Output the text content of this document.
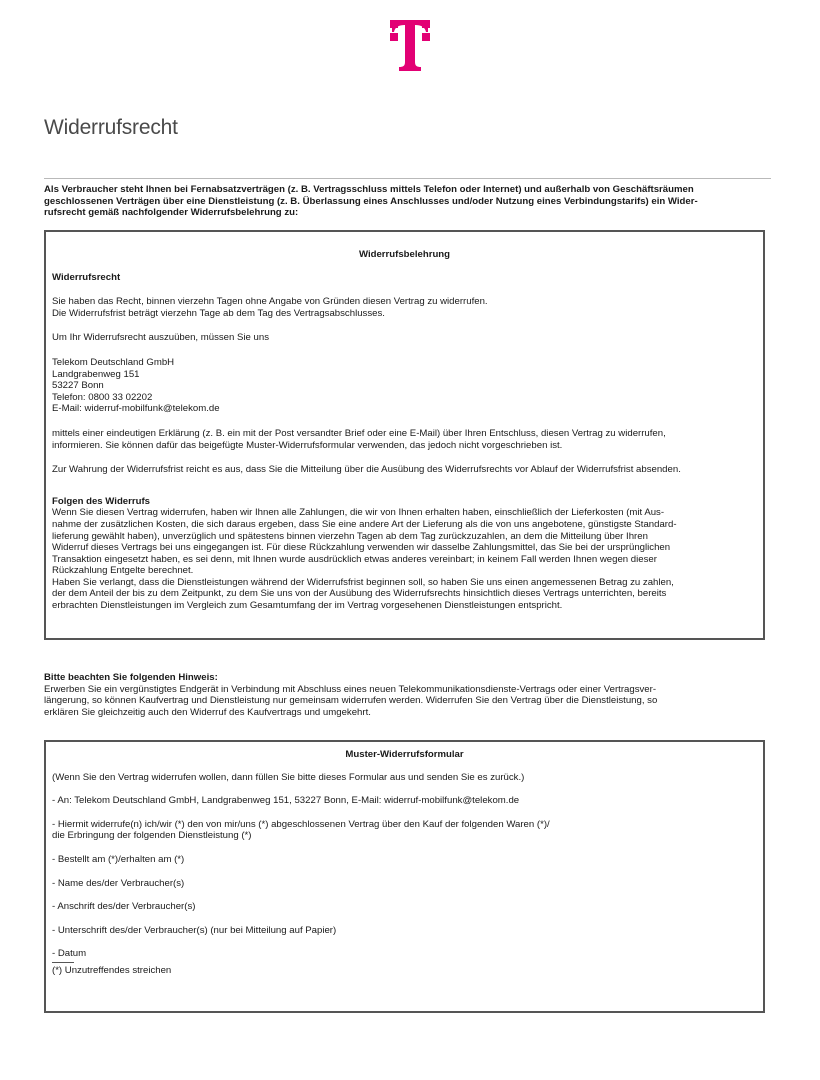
Widerrufsrecht
Als Verbraucher steht Ihnen bei Fernabsatzverträgen (z. B. Vertragsschluss mittels Telefon oder Internet) und außerhalb von Geschäftsräumen
geschlossenen Verträgen über eine Dienstleistung (z. B. Überlassung eines Anschlusses und/oder Nutzung eines Verbindungstarifs) ein Wider-
rufsrecht gemäß nachfolgender Widerrufsbelehrung zu:

Widerrufsbelehrung

Widerrufsrecht

Sie haben das Recht, binnen vierzehn Tagen ohne Angabe von Gründen diesen Vertrag zu widerrufen.
Die Widerrufsfrist beträgt vierzehn Tage ab dem Tag des Vertragsabschlusses.

Um Ihr Widerrufsrecht auszuüben, müssen Sie uns

Telekom Deutschland GmbH
Landgrabenweg 151
53227 Bonn
Telefon: 0800 33 02202
E-Mail: widerruf-mobilfunk@telekom.de
mittels einer eindeutigen Erklärung (z. B. ein mit der Post versandter Brief oder eine E-Mail) über Ihren Entschluss, diesen Vertrag zu widerrufen,
informieren. Sie können dafür das beigefügte Muster-Widerrufsformular verwenden, das jedoch nicht vorgeschrieben ist.

Zur Wahrung der Widerrufsfrist reicht es aus, dass Sie die Mitteilung über die Ausübung des Widerrufsrechts vor Ablauf der Widerrufsfrist absenden.

Folgen des Widerrufs

Wenn Sie diesen Vertrag widerrufen, haben wir Ihnen alle Zahlungen, die wir von Ihnen erhalten haben, einschließlich der Lieferkosten (mit Aus-
nahme der zusätzlichen Kosten, die sich daraus ergeben, dass Sie eine andere Art der Lieferung als die von uns angebotene, günstigste Standard-
lieferung gewählt haben), unverzüglich und spätestens binnen vierzehn Tagen ab dem Tag zurückzuzahlen, an dem die Mitteilung über Ihren
Widerruf dieses Vertrags bei uns eingegangen ist. Für diese Rückzahlung verwenden wir dasselbe Zahlungsmittel, das Sie bei der ursprünglichen
Transaktion eingesetzt haben, es sei denn, mit Ihnen wurde ausdrücklich etwas anderes vereinbart; in keinem Fall werden Ihnen wegen dieser
Rückzahlung Entgelte berechnet.
Haben Sie verlangt, dass die Dienstleistungen während der Widerrufsfrist beginnen soll, so haben Sie uns einen angemessenen Betrag zu zahlen,
der dem Anteil der bis zu dem Zeitpunkt, zu dem Sie uns von der Ausübung des Widerrufsrechts hinsichtlich dieses Vertrags unterrichten, bereits
erbrachten Dienstleistungen im Vergleich zum Gesamtumfang der im Vertrag vorgesehenen Dienstleistungen entspricht.
Bitte beachten Sie folgenden Hinweis:
Erwerben Sie ein vergünstigtes Endgerät in Verbindung mit Abschluss eines neuen Telekommunikationsdienste-Vertrags oder einer Vertragsver-
längerung, so können Kaufvertrag und Dienstleistung nur gemeinsam widerrufen werden. Widerrufen Sie den Vertrag über die Dienstleistung, so
erklären Sie gleichzeitig auch den Widerruf des Kaufvertrags und umgekehrt.

Muster-Widerrufsformular

(Wenn Sie den Vertrag widerrufen wollen, dann füllen Sie bitte dieses Formular aus und senden Sie es zurück.)

- An: Telekom Deutschland GmbH, Landgrabenweg 151, 53227 Bonn, E-Mail: widerruf-mobilfunk@telekom.de

- Hiermit widerrufe(n) ich/wir (*) den von mir/uns (*) abgeschlossenen Vertrag über den Kauf der folgenden Waren (*)/
die Erbringung der folgenden Dienstleistung (*)

- Bestellt am (*)/erhalten am (*)

- Name des/der Verbraucher(s)

- Anschrift des/der Verbraucher(s)

- Unterschrift des/der Verbraucher(s) (nur bei Mitteilung auf Papier)

- Datum

(*) Unzutreffendes streichen
